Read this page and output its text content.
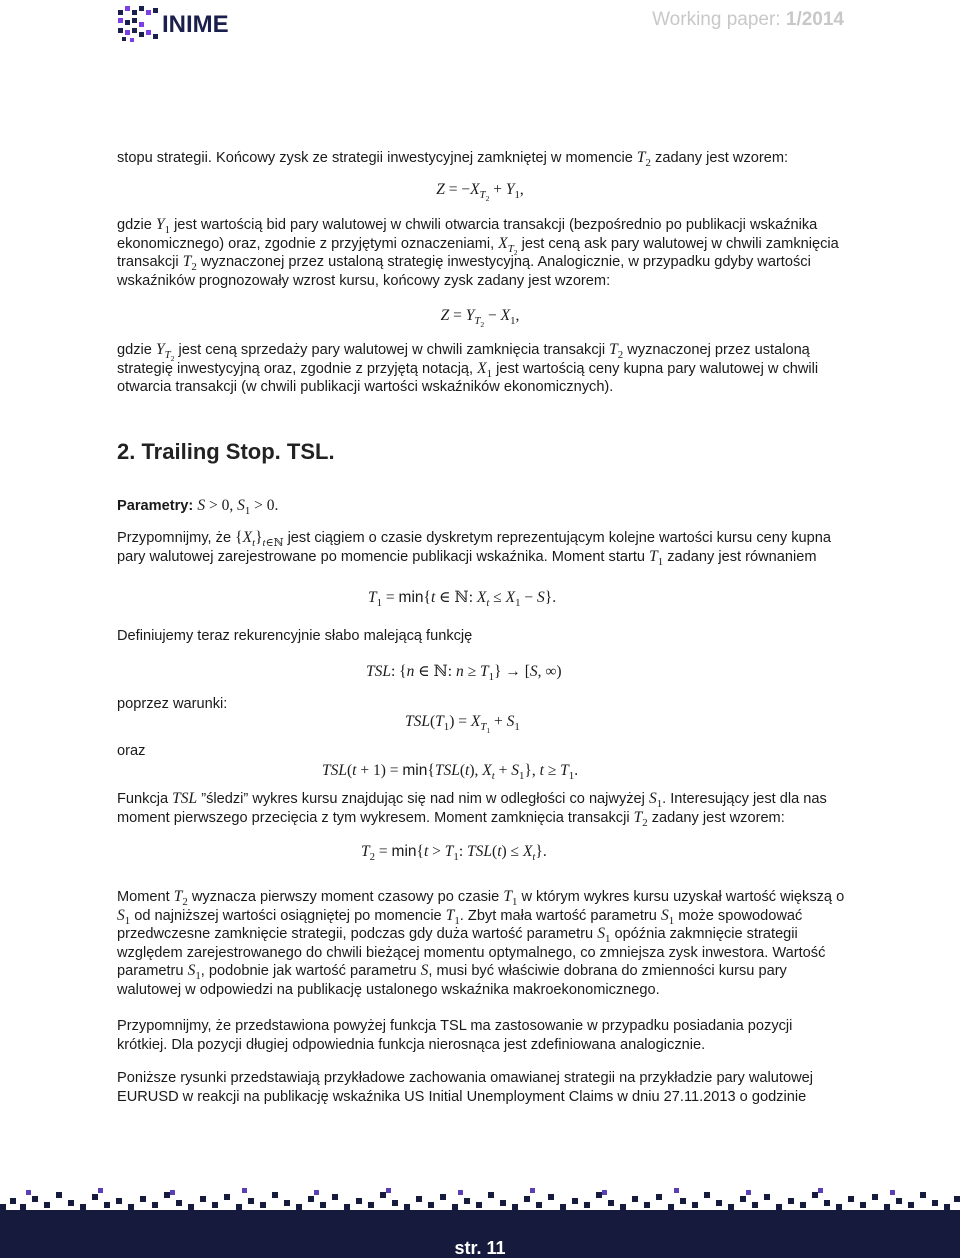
INIME	Working paper: 1/2014
stopu strategii. Końcowy zysk ze strategii inwestycyjnej zamkniętej w momencie $T_2$ zadany jest wzorem:
$Z = -X_{T_2} + Y_1$,
gdzie $Y_1$ jest wartością bid pary walutowej w chwili otwarcia transakcji (bezpośrednio po publikacji wskaźnika ekonomicznego) oraz, zgodnie z przyjętymi oznaczeniami, $X_{T_2}$ jest ceną ask pary walutowej w chwili zamknięcia transakcji $T_2$ wyznaczonej przez ustaloną strategię inwestycyjną. Analogicznie, w przypadku gdyby wartości wskaźników prognozowały wzrost kursu, końcowy zysk zadany jest wzorem:
$Z = Y_{T_2} - X_1$,
gdzie $Y_{T_2}$ jest ceną sprzedaży pary walutowej w chwili zamknięcia transakcji $T_2$ wyznaczonej przez ustaloną strategię inwestycyjną oraz, zgodnie z przyjętą notacją, $X_1$ jest wartością ceny kupna pary walutowej w chwili otwarcia transakcji (w chwili publikacji wartości wskaźników ekonomicznych).
2. Trailing Stop. TSL.
Parametry: S > 0, $S_1 > 0$.
Przypomnijmy, że $\{X_t\}_{t\in ℕ}$ jest ciągiem o czasie dyskretym reprezentującym kolejne wartości kursu ceny kupna pary walutowej zarejestrowane po momencie publikacji wskaźnika. Moment startu $T_1$ zadany jest równaniem
$T_1 = \min\{t$ ∈ ℕ: $X_t \le X_1 - S$}.
Definiujemy teraz rekurencyjnie słabo malejącą funkcję
TSL: {n ∈ ℕ: $n \ge T_1\} \to [S$, ∞)
poprzez warunki:
$TSL(T_1) = X_{T_1} + S_1$
oraz
TSL(t + 1) = min{TSL(t), $X_t + S_1$}, $t \ge T_1$.
Funkcja TSL ”śledzi” wykres kursu znajdując się nad nim w odległości co najwyżej $S_1$. Interesujący jest dla nas moment pierwszego przecięcia z tym wykresem. Moment zamknięcia transakcji $T_2$ zadany jest wzorem:
$T_2 = \min\{t > T_1$: $TSL(t) \le X_t$}.
Moment $T_2$ wyznacza pierwszy moment czasowy po czasie $T_1$ w którym wykres kursu uzyskał wartość większą o $S_1$ od najniższej wartości osiągniętej po momencie $T_1$. Zbyt mała wartość parametru $S_1$ może spowodować przedwczesne zamknięcie strategii, podczas gdy duża wartość parametru $S_1$ opóźnia zakmnięcie strategii względem zarejestrowanego do chwili bieżącej momentu optymalnego, co zmniejsza zysk inwestora. Wartość parametru $S_1$, podobnie jak wartość parametru S, musi być właściwie dobrana do zmienności kursu pary walutowej w odpowiedzi na publikację ustalonego wskaźnika makroekonomicznego.
Przypomnijmy, że przedstawiona powyżej funkcja TSL ma zastosowanie w przypadku posiadania pozycji krótkiej. Dla pozycji długiej odpowiednia funkcja nierosnąca jest zdefiniowana analogicznie.
Poniższe rysunki przedstawiają przykładowe zachowania omawianej strategii na przykładzie pary walutowej EURUSD w reakcji na publikację wskaźnika US Initial Unemployment Claims w dniu 27.11.2013 o godzinie
str. 11
